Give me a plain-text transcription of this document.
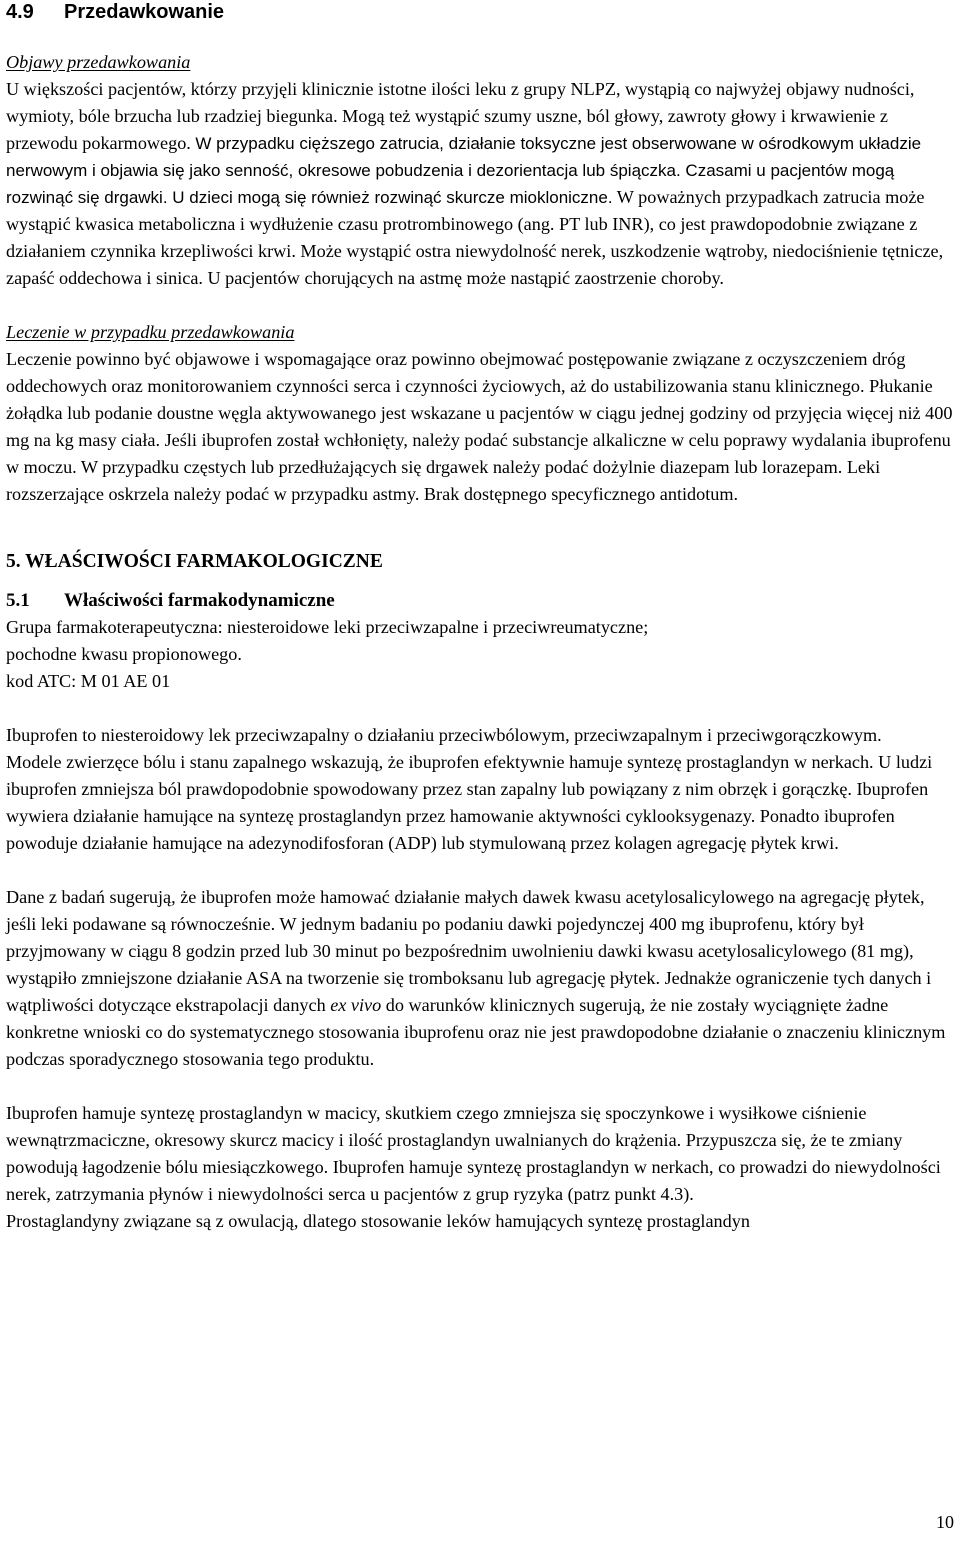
4.9	Przedawkowanie

Objawy przedawkowania

U większości pacjentów, którzy przyjęli klinicznie istotne ilości leku z grupy NLPZ, wystąpią co najwyżej objawy nudności, wymioty, bóle brzucha lub rzadziej biegunka. Mogą też wystąpić szumy uszne, ból głowy, zawroty głowy i krwawienie z przewodu pokarmowego. W przypadku cięższego zatrucia, działanie toksyczne jest obserwowane w ośrodkowym układzie nerwowym i objawia się jako senność, okresowe pobudzenia i dezorientacja lub śpiączka. Czasami u pacjentów mogą rozwinąć się drgawki. U dzieci mogą się również rozwinąć skurcze miokloniczne. W poważnych przypadkach zatrucia może wystąpić kwasica metaboliczna i wydłużenie czasu protrombinowego (ang. PT lub INR), co jest prawdopodobnie związane z działaniem czynnika krzepliwości krwi. Może wystąpić ostra niewydolność nerek, uszkodzenie wątroby, niedociśnienie tętnicze, zapaść oddechowa i sinica. U pacjentów chorujących na astmę może nastąpić zaostrzenie choroby.

Leczenie w przypadku przedawkowania

Leczenie powinno być objawowe i wspomagające oraz powinno obejmować postępowanie związane z oczyszczeniem dróg oddechowych oraz monitorowaniem czynności serca i czynności życiowych, aż do ustabilizowania stanu klinicznego. Płukanie żołądka lub podanie doustne węgla aktywowanego jest wskazane u pacjentów w ciągu jednej godziny od przyjęcia więcej niż 400 mg na kg masy ciała. Jeśli ibuprofen został wchłonięty, należy podać substancje alkaliczne w celu poprawy wydalania ibuprofenu w moczu. W przypadku częstych lub przedłużających się drgawek należy podać dożylnie diazepam lub lorazepam. Leki rozszerzające oskrzela należy podać w przypadku astmy. Brak dostępnego specyficznego antidotum.

5. WŁAŚCIWOŚCI FARMAKOLOGICZNE

5.1	Właściwości farmakodynamiczne

Grupa farmakoterapeutyczna: niesteroidowe leki przeciwzapalne i przeciwreumatyczne;

pochodne kwasu propionowego.

kod ATC: M 01 AE 01

Ibuprofen to niesteroidowy lek przeciwzapalny o działaniu przeciwbólowym, przeciwzapalnym i przeciwgorączkowym.

Modele zwierzęce bólu i stanu zapalnego wskazują, że ibuprofen efektywnie hamuje syntezę prostaglandyn w nerkach. U ludzi ibuprofen zmniejsza ból prawdopodobnie spowodowany przez stan zapalny lub powiązany z nim obrzęk i gorączkę. Ibuprofen wywiera działanie hamujące na syntezę prostaglandyn przez hamowanie aktywności cyklooksygenazy. Ponadto ibuprofen powoduje działanie hamujące na adezynodifosforan (ADP) lub stymulowaną przez kolagen agregację płytek krwi.

Dane z badań sugerują, że ibuprofen może hamować działanie małych dawek kwasu acetylosalicylowego na agregację płytek, jeśli leki podawane są równocześnie. W jednym badaniu po podaniu dawki pojedynczej 400 mg ibuprofenu, który był przyjmowany w ciągu 8 godzin przed lub 30 minut po bezpośrednim uwolnieniu dawki kwasu acetylosalicylowego (81 mg), wystąpiło zmniejszone działanie ASA na tworzenie się tromboksanu lub agregację płytek. Jednakże ograniczenie tych danych i wątpliwości dotyczące ekstrapolacji danych ex vivo do warunków klinicznych sugerują, że nie zostały wyciągnięte żadne konkretne wnioski co do systematycznego stosowania ibuprofenu oraz nie jest prawdopodobne działanie o znaczeniu klinicznym podczas sporadycznego stosowania tego produktu.

Ibuprofen hamuje syntezę prostaglandyn w macicy, skutkiem czego zmniejsza się spoczynkowe i wysiłkowe ciśnienie wewnątrzmaciczne, okresowy skurcz macicy i ilość prostaglandyn uwalnianych do krążenia. Przypuszcza się, że te zmiany powodują łagodzenie bólu miesiączkowego. Ibuprofen hamuje syntezę prostaglandyn w nerkach, co prowadzi do niewydolności nerek, zatrzymania płynów i niewydolności serca u pacjentów z grup ryzyka (patrz punkt 4.3).

Prostaglandyny związane są z owulacją, dlatego stosowanie leków hamujących syntezę prostaglandyn

10
